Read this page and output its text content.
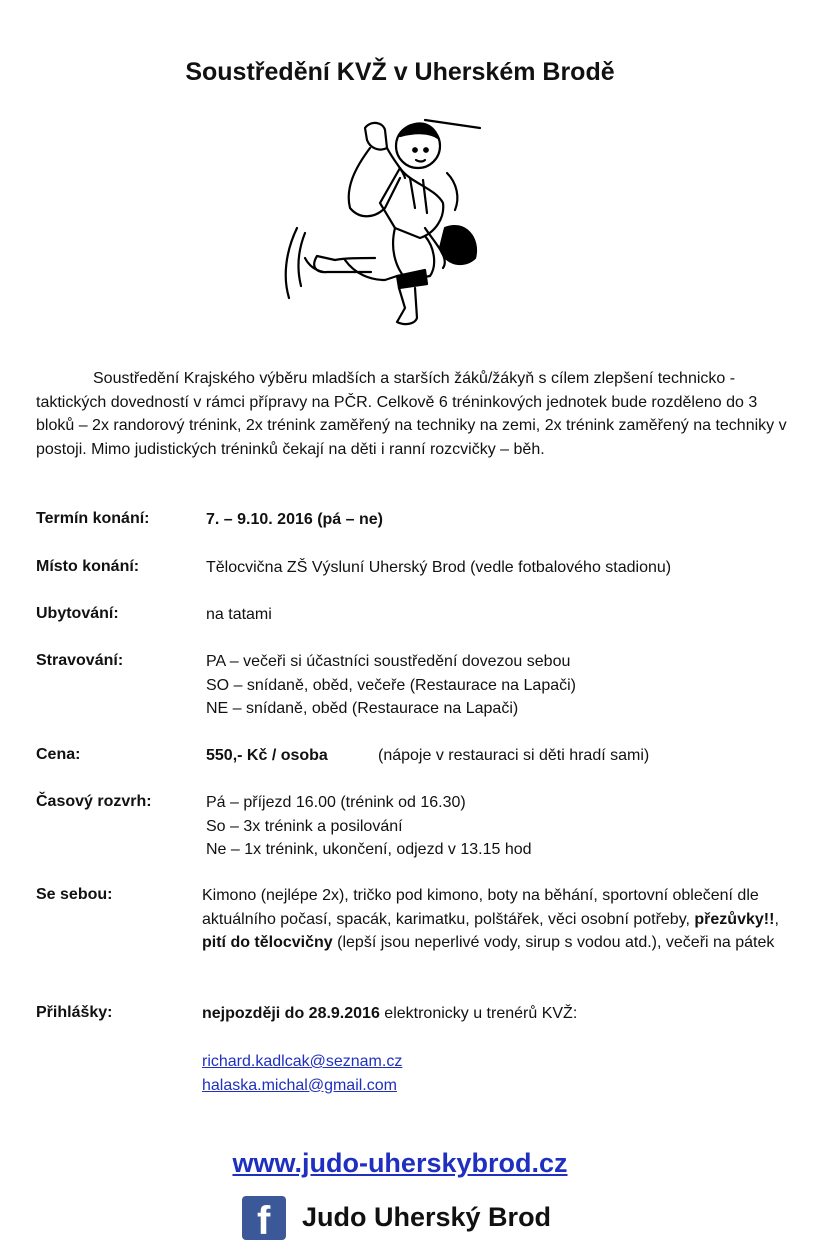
Soustředění KVŽ v Uherském Brodě
Soustředění Krajského výběru mladších a starších žáků/žákyň s cílem zlepšení technicko - taktických dovedností v rámci přípravy na PČR. Celkově 6 tréninkových jednotek bude rozděleno do 3 bloků – 2x randorový trénink, 2x trénink zaměřený na techniky na zemi, 2x trénink zaměřený na techniky v postoji. Mimo judistických tréninků čekají na děti i ranní rozcvičky – běh.
Termín konání:	7. – 9.10. 2016 (pá – ne)
Místo konání:	Tělocvična ZŠ Výsluní Uherský Brod (vedle fotbalového stadionu)
Ubytování:	na tatami
Stravování:	PA – večeři si účastníci soustředění dovezou sebou
SO – snídaně, oběd, večeře (Restaurace na Lapači)
NE – snídaně, oběd (Restaurace na Lapači)
Cena:	550,- Kč / osoba	(nápoje v restauraci si děti hradí sami)
Časový rozvrh:	Pá – příjezd 16.00 (trénink od 16.30)
So – 3x trénink a posilování
Ne – 1x trénink, ukončení, odjezd v 13.15 hod
Se sebou:	Kimono (nejlépe 2x), tričko pod kimono, boty na běhání, sportovní oblečení dle aktuálního počasí, spacák, karimatku, polštářek, věci osobní potřeby, přezůvky!!, pití do tělocvičny (lepší jsou neperlivé vody, sirup s vodou atd.), večeři na pátek
Přihlášky:	nejpozději do 28.9.2016 elektronicky u trenérů KVŽ:
richard.kadlcak@seznam.cz
halaska.michal@gmail.com
www.judo-uherskybrod.cz
f Judo Uherský Brod
